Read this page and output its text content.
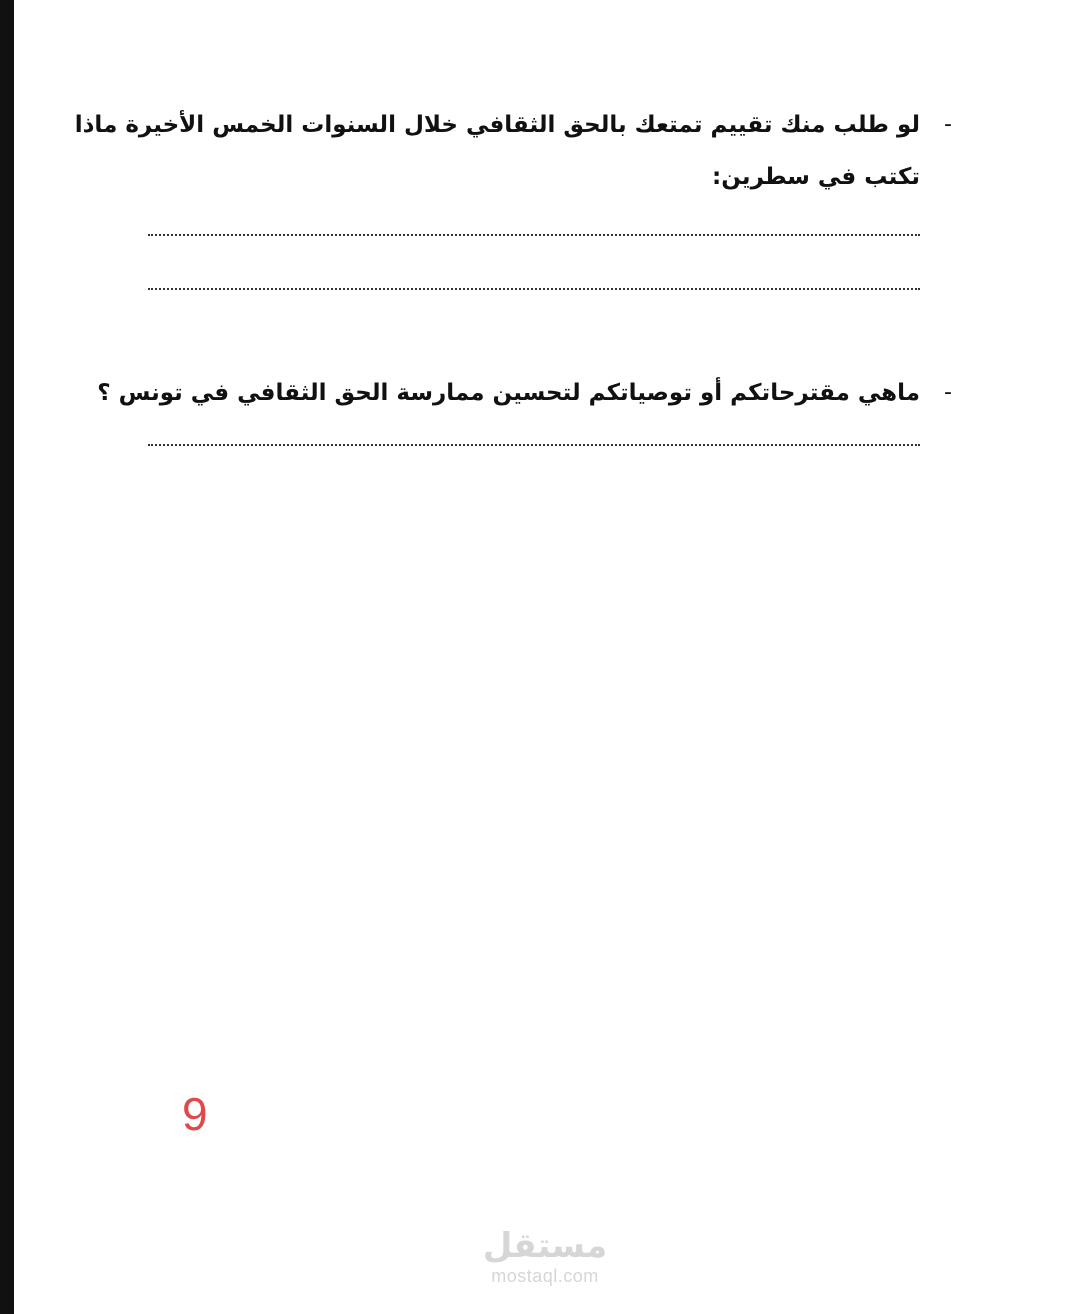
-
لو طلب منك تقييم تمتعك بالحق الثقافي خلال السنوات الخمس الأخيرة ماذا
تكتب في سطرين:
-
ماهي مقترحاتكم أو توصياتكم لتحسين ممارسة الحق الثقافي في تونس ؟
9
مستقل
mostaql.com
